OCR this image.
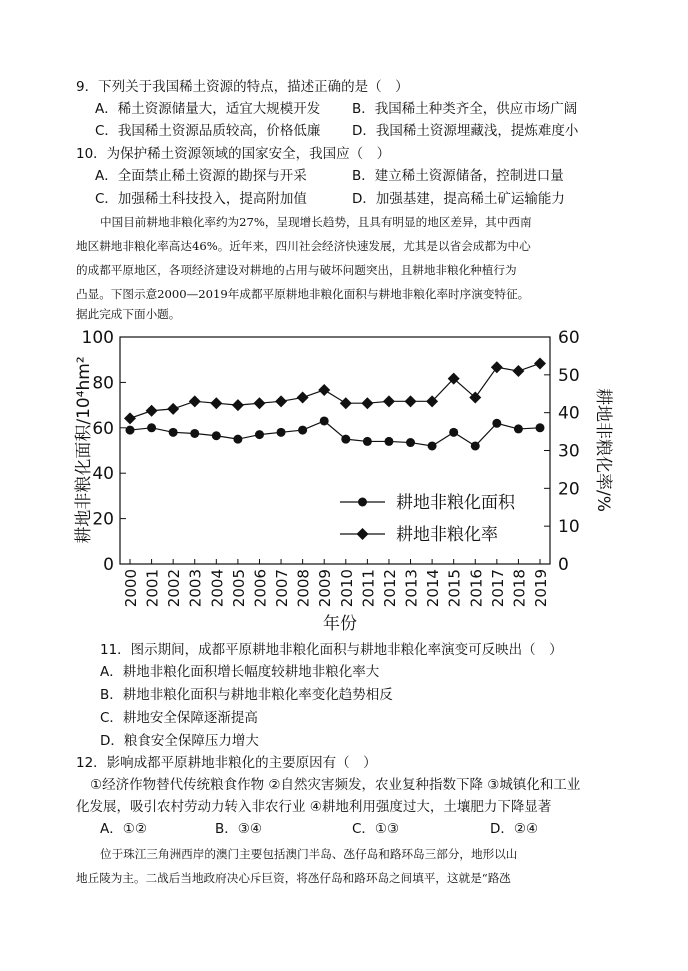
9．下列关于我国稀土资源的特点，描述正确的是（　）
A．稀土资源储量大，适宜大规模开发 B．我国稀土种类齐全，供应市场广阔
C．我国稀土资源品质较高，价格低廉 D．我国稀土资源埋藏浅，提炼难度小
10．为保护稀土资源领域的国家安全，我国应（　）
A．全面禁止稀土资源的勘探与开采	B．建立稀土资源储备，控制进口量
C．加强稀土科技投入，提高附加值	D．加强基建，提高稀土矿运输能力
中国目前耕地非粮化率约为27%，呈现增长趋势，且具有明显的地区差异，其中西南
地区耕地非粮化率高达46%。近年来，四川社会经济快速发展，尤其是以省会成都为中心
的成都平原地区，各项经济建设对耕地的占用与破坏问题突出，且耕地非粮化种植行为
凸显。下图示意2000—2019年成都平原耕地非粮化面积与耕地非粮化率时序演变特征。
据此完成下面小题。
0
20
40
60
80
100
0
10
20
30
40
50
60
2000 2001 2002 2003 2004 2005 2006 2007 2008 2009 2010 2011 2012 2013 2014 2015 2016 2017 2018 2019
年份
耕地非粮化面积/10⁴hm²	耕地非粮化率/%
耕地非粮化面积
耕地非粮化率
11．图示期间，成都平原耕地非粮化面积与耕地非粮化率演变可反映出（　）
A．耕地非粮化面积增长幅度较耕地非粮化率大
B．耕地非粮化面积与耕地非粮化率变化趋势相反
C．耕地安全保障逐渐提高
D．粮食安全保障压力增大
12．影响成都平原耕地非粮化的主要原因有（　）
①经济作物替代传统粮食作物 ②自然灾害频发，农业复种指数下降 ③城镇化和工业
化发展，吸引农村劳动力转入非农行业 ④耕地利用强度过大，土壤肥力下降显著
A．①②	B．③④	C．①③	D．②④
位于珠江三角洲西岸的澳门主要包括澳门半岛、氹仔岛和路环岛三部分，地形以山
地丘陵为主。二战后当地政府决心斥巨资，将氹仔岛和路环岛之间填平，这就是“路氹
